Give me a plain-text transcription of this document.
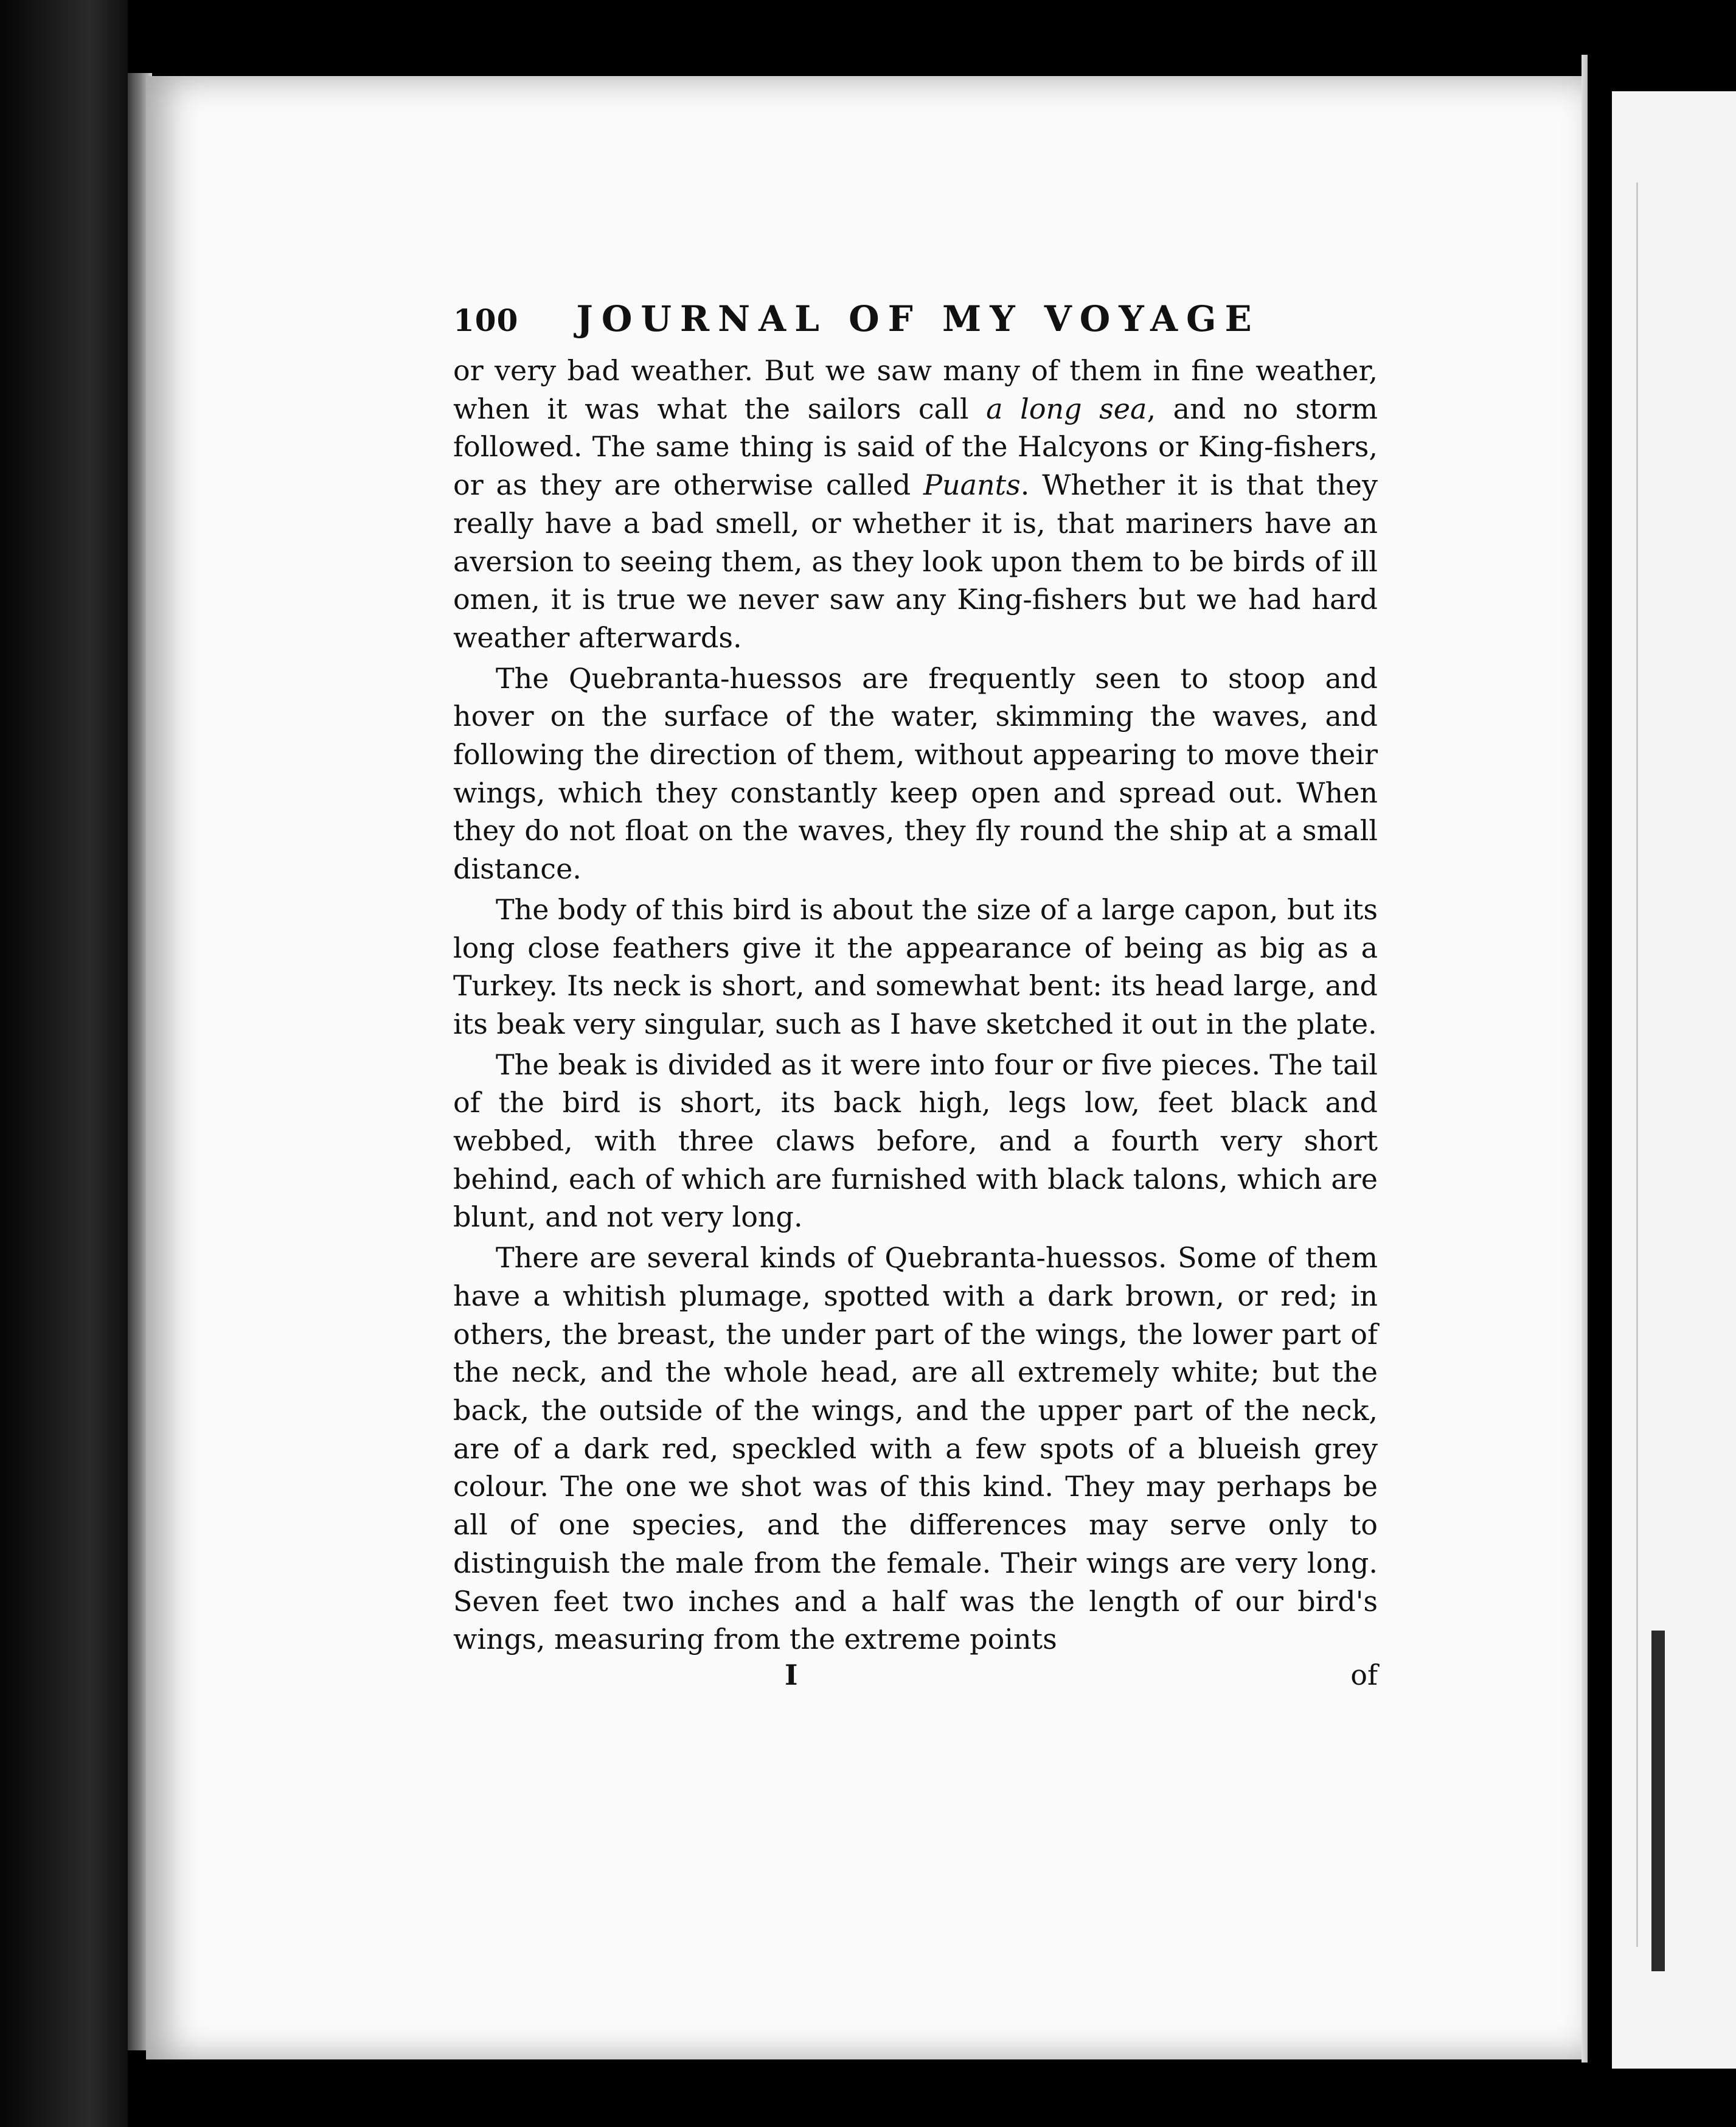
100 JOURNAL OF MY VOYAGE

or very bad weather. But we saw many of them in fine weather, when it was what the sailors call a long sea, and no storm followed. The same thing is said of the Halcyons or King-fishers, or as they are otherwise called Puants. Whether it is that they really have a bad smell, or whether it is, that mariners have an aversion to seeing them, as they look upon them to be birds of ill omen, it is true we never saw any King-fishers but we had hard weather afterwards.

The Quebranta-huessos are frequently seen to stoop and hover on the surface of the water, skimming the waves, and following the direction of them, without appearing to move their wings, which they constantly keep open and spread out. When they do not float on the waves, they fly round the ship at a small distance.

The body of this bird is about the size of a large capon, but its long close feathers give it the appearance of being as big as a Turkey. Its neck is short, and somewhat bent: its head large, and its beak very singular, such as I have sketched it out in the plate.

The beak is divided as it were into four or five pieces. The tail of the bird is short, its back high, legs low, feet black and webbed, with three claws before, and a fourth very short behind, each of which are furnished with black talons, which are blunt, and not very long.

There are several kinds of Quebranta-huessos. Some of them have a whitish plumage, spotted with a dark brown, or red; in others, the breast, the under part of the wings, the lower part of the neck, and the whole head, are all extremely white; but the back, the outside of the wings, and the upper part of the neck, are of a dark red, speckled with a few spots of a blueish grey colour. The one we shot was of this kind. They may perhaps be all of one species, and the differences may serve only to distinguish the male from the female. Their wings are very long. Seven feet two inches and a half was the length of our bird's wings, measuring from the extreme points

I	of
